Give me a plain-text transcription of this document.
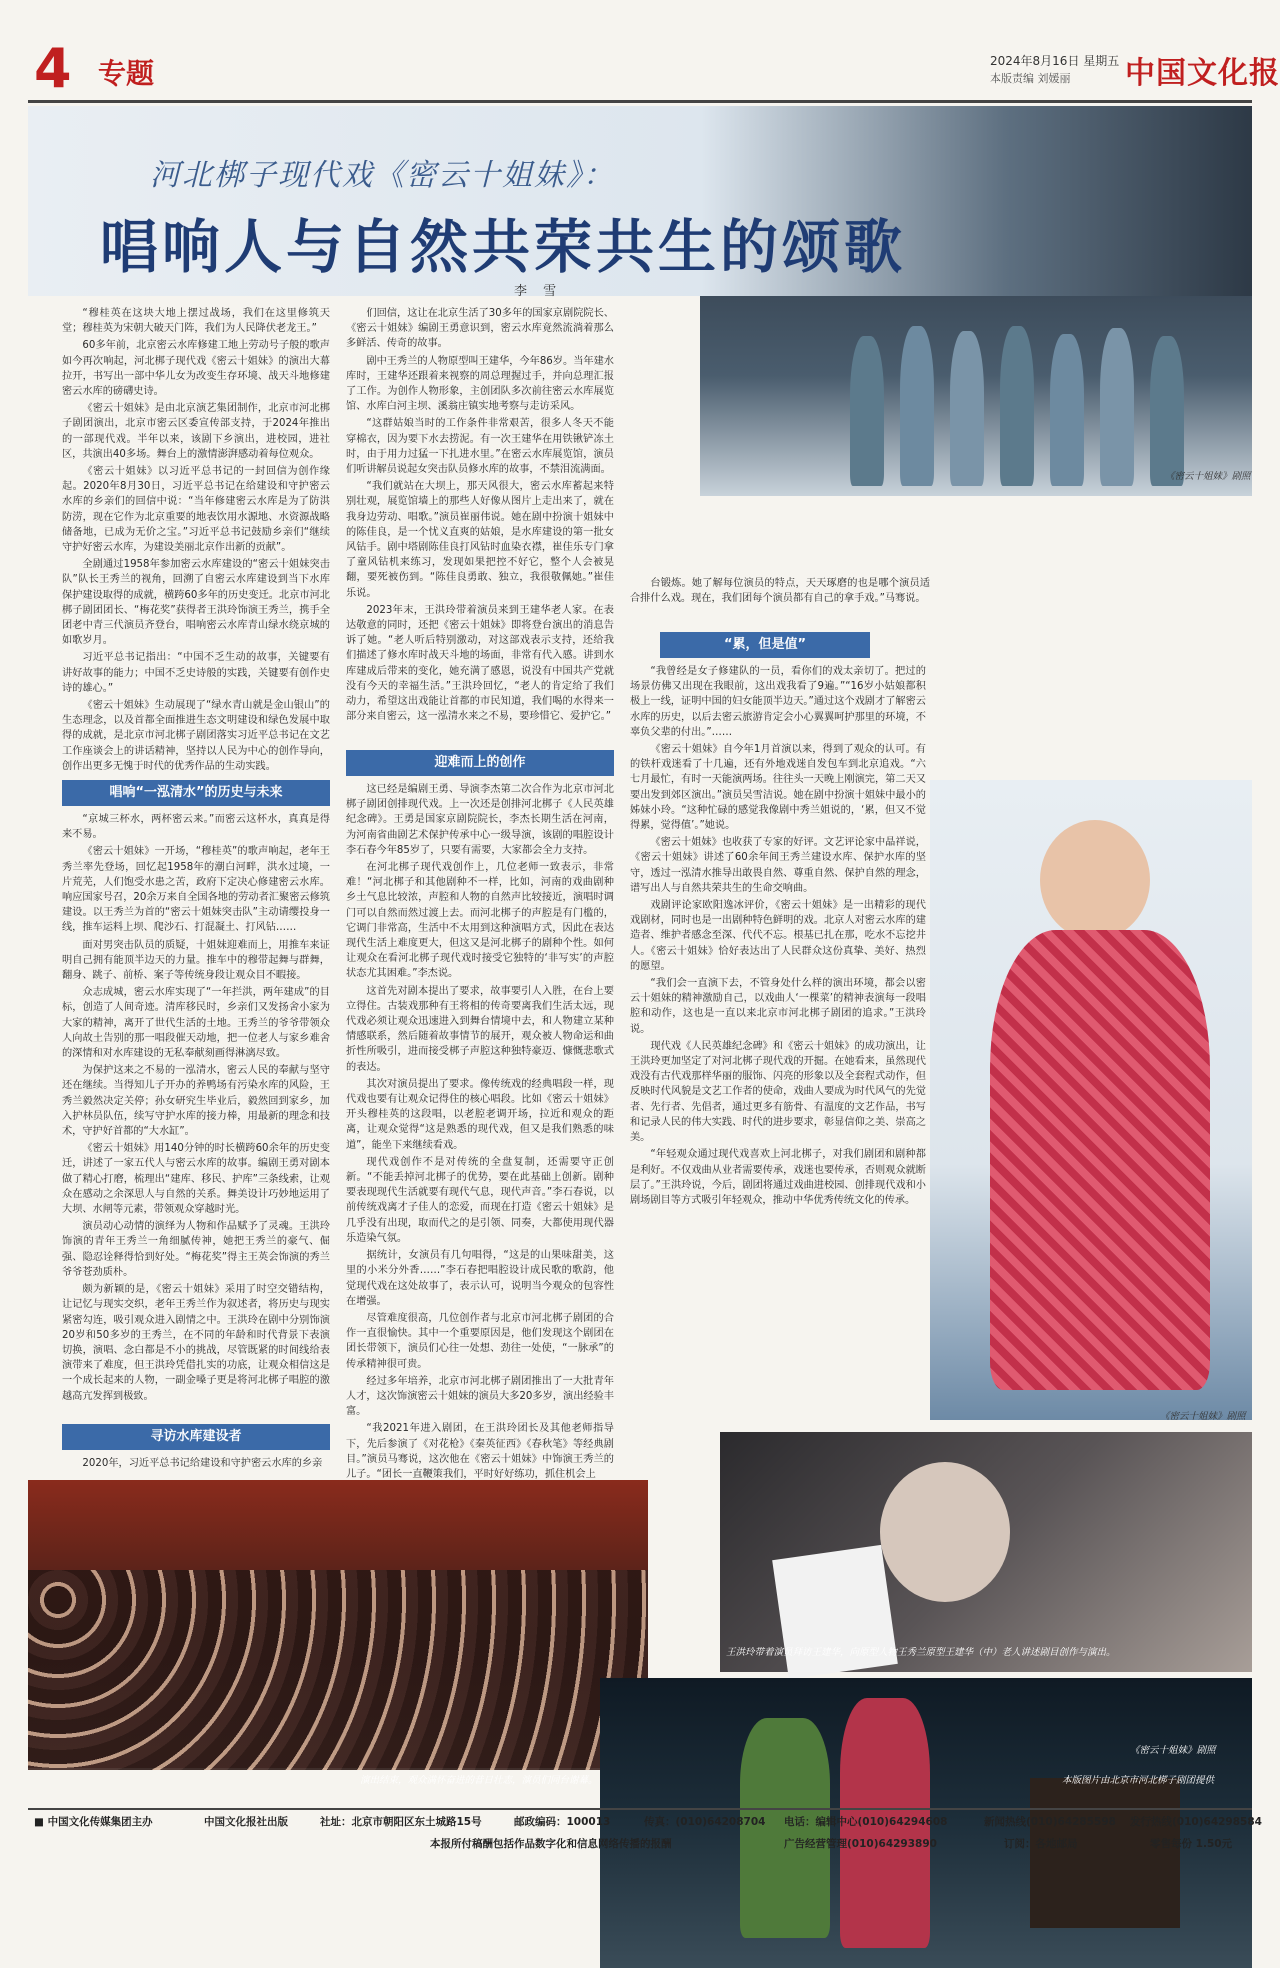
4 专题	2024年8月16日 星期五
本版责编 刘媛丽 中国文化报
河北梆子现代戏《密云十姐妹》：
唱响人与自然共荣共生的颂歌
李 雪
《密云十姐妹》剧照

“穆桂英在这块大地上摆过战场，我们在这里修筑天堂；穆桂英为宋朝大破天门阵，我们为人民降伏老龙王。”

60多年前，北京密云水库修建工地上劳动号子般的歌声如今再次响起，河北梆子现代戏《密云十姐妹》的演出大幕拉开，书写出一部中华儿女为改变生存环境、战天斗地修建密云水库的磅礴史诗。

《密云十姐妹》是由北京演艺集团制作，北京市河北梆子剧团演出，北京市密云区委宣传部支持，于2024年推出的一部现代戏。半年以来，该剧下乡演出，进校园，进社区，共演出40多场。舞台上的激情澎湃感动着每位观众。

《密云十姐妹》以习近平总书记的一封回信为创作缘起。2020年8月30日，习近平总书记在给建设和守护密云水库的乡亲们的回信中说：“当年修建密云水库是为了防洪防涝，现在它作为北京重要的地表饮用水源地、水资源战略储备地，已成为无价之宝。”习近平总书记鼓励乡亲们“继续守护好密云水库，为建设美丽北京作出新的贡献”。

全剧通过1958年参加密云水库建设的“密云十姐妹突击队”队长王秀兰的视角，回溯了自密云水库建设到当下水库保护建设取得的成就，横跨60多年的历史变迁。北京市河北梆子剧团团长、“梅花奖”获得者王洪玲饰演王秀兰，携手全团老中青三代演员齐登台，唱响密云水库青山绿水绕京城的如歌岁月。

习近平总书记指出：“中国不乏生动的故事，关键要有讲好故事的能力；中国不乏史诗般的实践，关键要有创作史诗的雄心。”

《密云十姐妹》生动展现了“绿水青山就是金山银山”的生态理念，以及首都全面推进生态文明建设和绿色发展中取得的成就，是北京市河北梆子剧团落实习近平总书记在文艺工作座谈会上的讲话精神，坚持以人民为中心的创作导向，创作出更多无愧于时代的优秀作品的生动实践。

唱响“一泓清水”的历史与未来

“京城三杯水，两杯密云来。”而密云这杯水，真真是得来不易。

《密云十姐妹》一开场，“穆桂英”的歌声响起，老年王秀兰率先登场，回忆起1958年的潮白河畔，洪水过境，一片荒芜，人们饱受水患之苦，政府下定决心修建密云水库。响应国家号召，20余万来自全国各地的劳动者汇聚密云修筑建设。以王秀兰为首的“密云十姐妹突击队”主动请缨投身一线，推车运料上坝、爬沙石、打混凝土、打风钻……

面对男突击队员的质疑，十姐妹迎难而上，用推车来证明自己拥有能顶半边天的力量。推车中的穆带起舞与群舞，翻身、跳子、前桥、案子等传统身段让观众目不暇接。

众志成城，密云水库实现了“一年拦洪，两年建成”的目标，创造了人间奇迹。清库移民时，乡亲们又发扬舍小家为大家的精神，离开了世代生活的土地。王秀兰的爷爷带领众人向故土告别的那一唱段催天动地，把一位老人与家乡难舍的深情和对水库建设的无私奉献刻画得淋漓尽致。

为保护这来之不易的一泓清水，密云人民的奉献与坚守还在继续。当得知儿子开办的养鸭场有污染水库的风险，王秀兰毅然决定关停；孙女研究生毕业后，毅然回到家乡，加入护林员队伍，续写守护水库的接力棒，用最新的理念和技术，守护好首都的“大水缸”。

《密云十姐妹》用140分钟的时长横跨60余年的历史变迁，讲述了一家五代人与密云水库的故事。编剧王勇对剧本做了精心打磨，梳理出“建库、移民、护库”三条线索，让观众在感动之余深思人与自然的关系。舞美设计巧妙地运用了大坝、水闸等元素，带领观众穿越时光。

演员动心动情的演绎为人物和作品赋予了灵魂。王洪玲饰演的青年王秀兰一角细腻传神，她把王秀兰的豪气、倔强、隐忍诠释得恰到好处。“梅花奖”得主王英会饰演的秀兰爷爷苍劲质朴。

颇为新颖的是，《密云十姐妹》采用了时空交错结构，让记忆与现实交织，老年王秀兰作为叙述者，将历史与现实紧密勾连，吸引观众进入剧情之中。王洪玲在剧中分别饰演20岁和50多岁的王秀兰，在不同的年龄和时代背景下表演切换，演唱、念白都是不小的挑战，尽管既紧的时间线给表演带来了难度，但王洪玲凭借扎实的功底，让观众相信这是一个成长起来的人物，一副金嗓子更是将河北梆子唱腔的激越高亢发挥到极致。

寻访水库建设者

2020年，习近平总书记给建设和守护密云水库的乡亲

们回信，这让在北京生活了30多年的国家京剧院院长、《密云十姐妹》编剧王勇意识到，密云水库竟然流淌着那么多鲜活、传奇的故事。

剧中王秀兰的人物原型叫王建华，今年86岁。当年建水库时，王建华还跟着来视察的周总理握过手，并向总理汇报了工作。为创作人物形象，主创团队多次前往密云水库展览馆、水库白河主坝、溪翁庄镇实地考察与走访采风。

“这群姑娘当时的工作条件非常艰苦，很多人冬天不能穿棉衣，因为要下水去捞泥。有一次王建华在用铁锹铲冻土时，由于用力过猛一下扎进水里。”在密云水库展览馆，演员们听讲解员说起女突击队员修水库的故事，不禁泪流满面。

“我们就站在大坝上，那天风很大，密云水库蓄起来特别壮观，展览馆墙上的那些人好像从图片上走出来了，就在我身边劳动、唱歌。”演员崔丽伟说。她在剧中扮演十姐妹中的陈佳良，是一个忧义直爽的姑娘，是水库建设的第一批女风钻手。剧中塔剧陈佳良打风钻时血染衣襟，崔佳乐专门拿了童风钻机来练习，发现如果把控不好它，整个人会被晃翻，要死被伤到。“陈佳良勇敢、独立，我很敬佩她。”崔佳乐说。

2023年末，王洪玲带着演员来到王建华老人家。在表达敬意的同时，还把《密云十姐妹》即将登台演出的消息告诉了她。“老人听后特别激动，对这部戏表示支持，还给我们描述了修水库时战天斗地的场面，非常有代入感。讲到水库建成后带来的变化，她充满了感恩，说没有中国共产党就没有今天的幸福生活。”王洪玲回忆，“老人的肯定给了我们动力，希望这出戏能让首都的市民知道，我们喝的水得来一部分来自密云，这一泓清水来之不易，要珍惜它、爱护它。”

迎难而上的创作

这已经是编剧王勇、导演李杰第二次合作为北京市河北梆子剧团创排现代戏。上一次还是创排河北梆子《人民英雄纪念碑》。王勇是国家京剧院院长，李杰长期生活在河南，为河南省曲剧艺术保护传承中心一级导演，该剧的唱腔设计李石春今年85岁了，只要有需要，大家都会全力支持。

在河北梆子现代戏创作上，几位老师一致表示，非常难！“河北梆子和其他剧种不一样，比如，河南的戏曲剧种乡土气息比较浓，声腔和人物的自然声比较接近，演唱时调门可以自然而然过渡上去。而河北梆子的声腔是有门槛的，它调门非常高，生活中不太用到这种演唱方式，因此在表达现代生活上难度更大，但这又是河北梆子的剧种个性。如何让观众在看河北梆子现代戏时接受它独特的‘非写实’的声腔状态尤其困难。”李杰说。

这首先对剧本提出了要求，故事要引人入胜，在台上要立得住。古装戏那种有王将相的传奇要离我们生活太远，现代戏必须让观众迅速进入到舞台情境中去，和人物建立某种情感联系，然后随着故事情节的展开，观众被人物命运和曲折性所吸引，进而接受梆子声腔这种独特豪迈、慷慨悲歌式的表达。

其次对演员提出了要求。像传统戏的经典唱段一样，现代戏也要有让观众记得住的核心唱段。比如《密云十姐妹》开头穆桂英的这段唱，以老腔老调开场，拉近和观众的距离，让观众觉得“这是熟悉的现代戏，但又是我们熟悉的味道”，能坐下来继续看戏。

现代戏创作不是对传统的全盘复制，还需要守正创新。“不能丢掉河北梆子的优势，要在此基础上创新。剧种要表现现代生活就要有现代气息，现代声音。”李石春说，以前传统戏离才子佳人的恋爱，而现在打造《密云十姐妹》是几乎没有出现，取而代之的是引领、同奏，大都使用现代器乐造染气氛。

据统计，女演员有几句唱得，“这是的山果味甜美，这里的小米分外香……”李石春把唱腔设计成民歌的歌韵，他觉现代戏在这处故事了，表示认可，说明当今观众的包容性在增强。

尽管难度很高，几位创作者与北京市河北梆子剧团的合作一直很愉快。其中一个重要原因是，他们发现这个剧团在团长带领下，演员们心往一处想、劲往一处使，“一脉承”的传承精神很可贵。

经过多年培养，北京市河北梆子剧团推出了一大批青年人才，这次饰演密云十姐妹的演员大多20多岁，演出经验丰富。

“我2021年进入剧团，在王洪玲团长及其他老师指导下，先后参演了《对花枪》《秦英征西》《春秋笔》等经典剧目。”演员马骞说，这次他在《密云十姐妹》中饰演王秀兰的儿子。“团长一直鞭策我们，平时好好练功，抓住机会上

台锻炼。她了解每位演员的特点，天天琢磨的也是哪个演员适合排什么戏。现在，我们团每个演员都有自己的拿手戏。”马骞说。

“累，但是值”

“我曾经是女子修建队的一员，看你们的戏太亲切了。把过的场景仿佛又出现在我眼前，这出戏我看了9遍。”“16岁小姑娘都积极上一线，证明中国的妇女能顶半边天。”通过这个戏剧才了解密云水库的历史，以后去密云旅游肯定会小心翼翼呵护那里的环境，不辜负父辈的付出。”……

《密云十姐妹》自今年1月首演以来，得到了观众的认可。有的铁杆戏迷看了十几遍，还有外地戏迷自发包车到北京追戏。“六七月最忙，有时一天能演两场。往往头一天晚上刚演完，第二天又要出发到郊区演出。”演员吴雪洁说。她在剧中扮演十姐妹中最小的姊妹小玲。“这种忙碌的感觉我像剧中秀兰姐说的，‘累，但又不觉得累，觉得值’。”她说。

《密云十姐妹》也收获了专家的好评。文艺评论家中晶祥说，《密云十姐妹》讲述了60余年间王秀兰建设水库、保护水库的坚守，透过一泓清水推导出敢畏自然、尊重自然、保护自然的理念，谱写出人与自然共荣共生的生命交响曲。

戏剧评论家欧阳逸冰评价，《密云十姐妹》是一出精彩的现代戏剧材，同时也是一出剧种特色鲜明的戏。北京人对密云水库的建造者、维护者感念至深、代代不忘。根基已扎在那，吃水不忘挖井人。《密云十姐妹》恰好表达出了人民群众这份真挚、美好、热烈的愿望。

“我们会一直演下去，不管身处什么样的演出环境，都会以密云十姐妹的精神激励自己，以戏曲人‘一棵菜’的精神表演每一段唱腔和动作，这也是一直以来北京市河北梆子剧团的追求。”王洪玲说。

现代戏《人民英雄纪念碑》和《密云十姐妹》的成功演出，让王洪玲更加坚定了对河北梆子现代戏的开掘。在她看来，虽然现代戏没有古代戏那样华丽的服饰、闪亮的形象以及全套程式动作，但反映时代风貌是文艺工作者的使命，戏曲人要成为时代风气的先觉者、先行者、先倡者，通过更多有筋骨、有温度的文艺作品，书写和记录人民的伟大实践、时代的进步要求，彰显信仰之美、崇高之美。

“年轻观众通过现代戏喜欢上河北梆子，对我们剧团和剧种都是利好。不仅戏曲从业者需要传承，戏迷也要传承，否则观众就断层了。”王洪玲说，今后，剧团将通过戏曲进校园、创排现代戏和小剧场剧目等方式吸引年轻观众，推动中华优秀传统文化的传承。

《密云十姐妹》剧照
王洪玲带着演员拜访王建华，向原型人物王秀兰原型王建华（中）老人讲述剧目创作与演出。
演出结束，观众满怀奋进的昔日壮志，演员们同台谢幕。
《密云十姐妹》剧照
本版图片由北京市河北梆子剧团提供
■ 中国文化传媒集团主办	中国文化报社出版	社址：北京市朝阳区东土城路15号	邮政编码：100013	传真：(010)64208704 电话：编辑中心(010)64294608	新闻热线(010)64285598 发行热线(010)64298584
本报所付稿酬包括作品数字化和信息网络传播的报酬	广告经营管理(010)64293890	订阅：各地邮局	零售每份 1.50元
